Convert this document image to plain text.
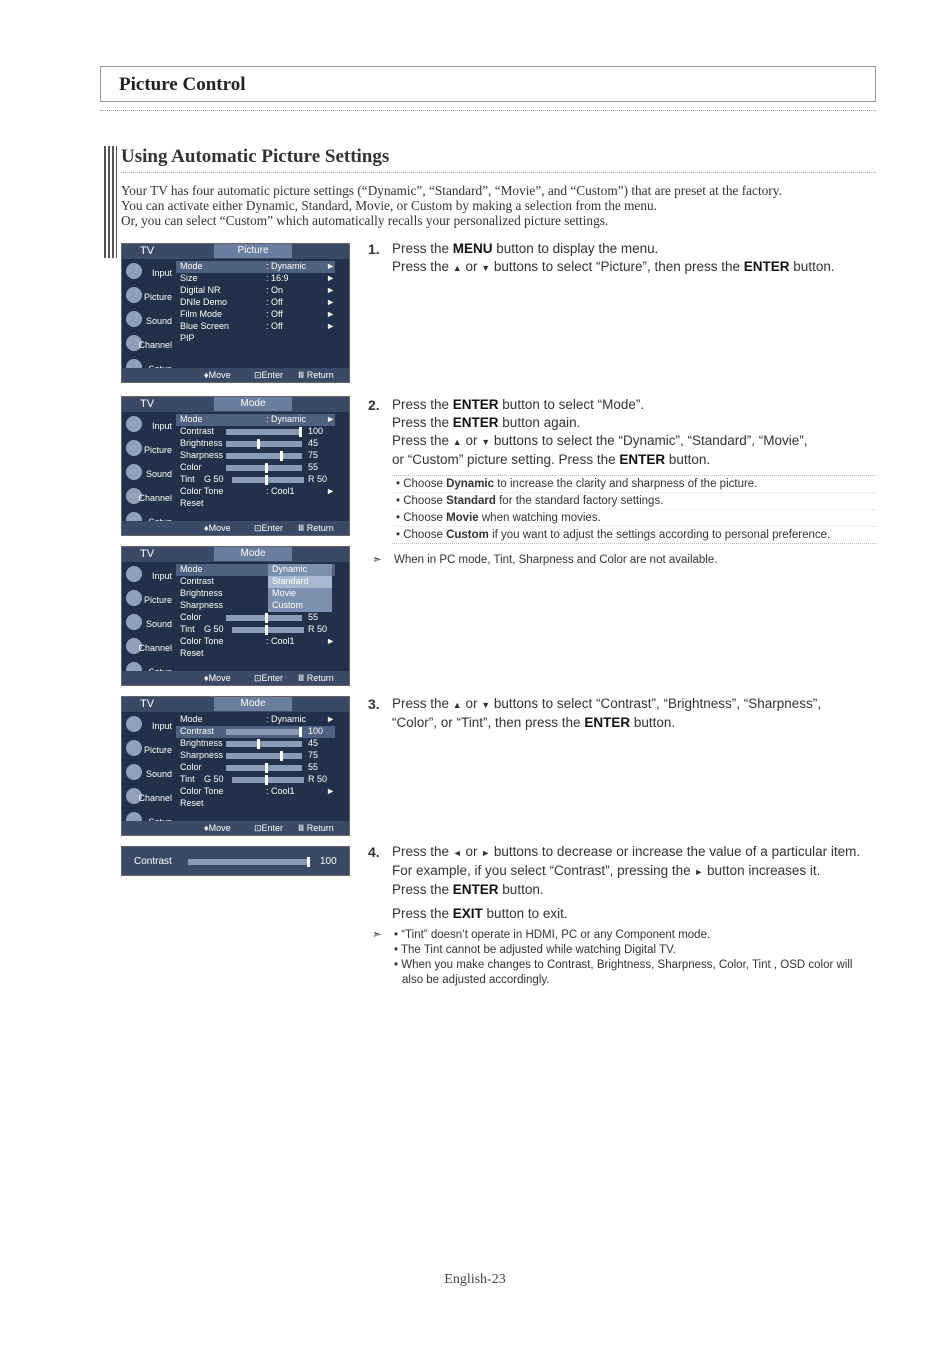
Picture Control
Using Automatic Picture Settings
Your TV has four automatic picture settings (“Dynamic”, “Standard”, “Movie”, and “Custom”) that are preset at the factory.
You can activate either Dynamic, Standard, Movie, or Custom by making a selection from the menu.
Or, you can select “Custom” which automatically recalls your personalized picture settings.
TV	Picture
Input
Picture
Sound
Channel
Mode	: Dynamic ►
Size	: 16:9	►
Digital NR	: On	►
DNIe Demo	: Off	►
Film Mode	: Off	►
Blue Screen	: Off	►
PIP
♦Move	⊡Enter Ⅲ Return
TV	Mode
Input
Picture
Sound
Channel
Mode	: Dynamic ►
Contrast	100
Brightness	45
Sharpness	75
Color	55
Tint G 50	R 50
Color Tone	: Cool1	►
Reset
♦Move	⊡Enter Ⅲ Return
TV	Mode
Input
Picture
Sound
Channel
Mode
Contrast
Brightness
Sharpness
Color	55
Tint G 50	R 50
Color Tone	: Cool1	►
Reset
Dynamic
Standard
Movie
Custom
♦Move	⊡Enter Ⅲ Return
TV	Mode
Input
Picture
Sound
Channel
Mode	: Dynamic ►
Contrast	100
Brightness	45
Sharpness	75
Color	55
Tint G 50	R 50
Color Tone	: Cool1	►
Reset
♦Move	⊡Enter Ⅲ Return
Contrast	100
1. Press the MENU button to display the menu.
Press the ▲ or ▼ buttons to select “Picture”, then press the ENTER button.
2. Press the ENTER button to select “Mode”.
Press the ENTER button again.
Press the ▲ or ▼ buttons to select the “Dynamic”, “Standard”, “Movie”,
or “Custom” picture setting. Press the ENTER button.
• Choose Dynamic to increase the clarity and sharpness of the picture.
• Choose Standard for the standard factory settings.
• Choose Movie when watching movies.
• Choose Custom if you want to adjust the settings according to personal preference.
➣ When in PC mode, Tint, Sharpness and Color are not available.
3. Press the ▲ or ▼ buttons to select “Contrast”, “Brightness”, “Sharpness”,
“Color”, or “Tint”, then press the ENTER button.
4. Press the ◄ or ► buttons to decrease or increase the value of a particular item.
For example, if you select “Contrast”, pressing the ► button increases it.
Press the ENTER button.
Press the EXIT button to exit.
➣ • “Tint” doesn’t operate in HDMI, PC or any Component mode.
• The Tint cannot be adjusted while watching Digital TV.
• When you make changes to Contrast, Brightness, Sharpness, Color, Tint , OSD color will
also be adjusted accordingly.
English-23
